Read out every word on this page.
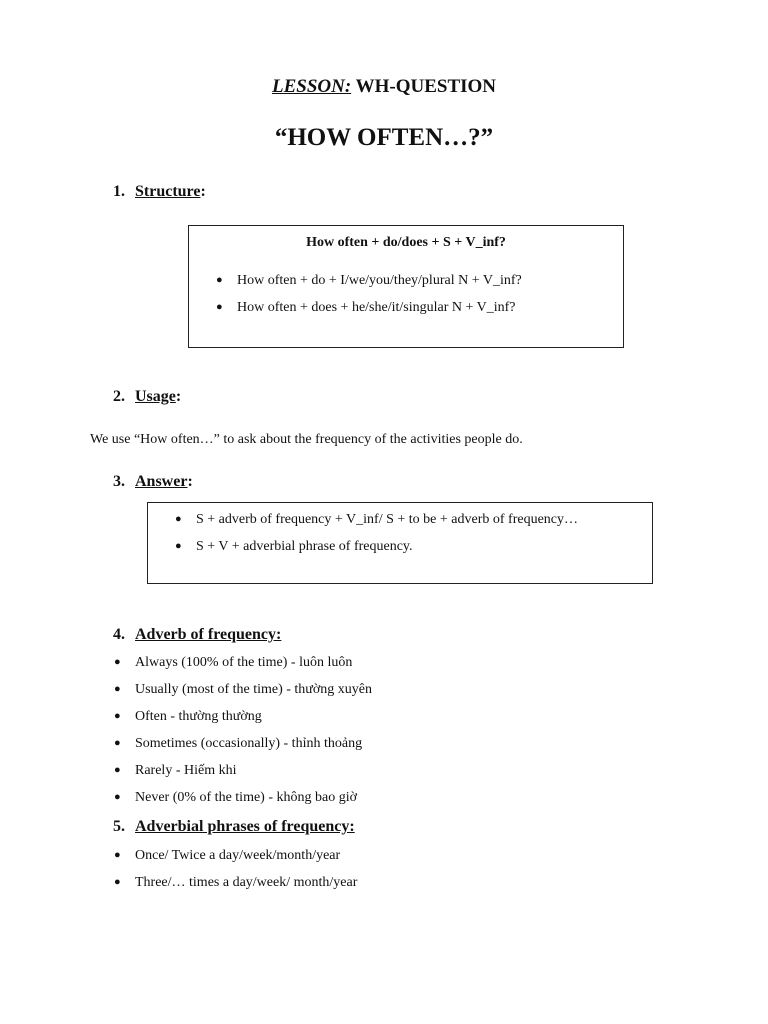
LESSON: WH-QUESTION
“HOW OFTEN…?”
1. Structure:
How often + do/does + S + V_inf?
● How often + do + I/we/you/they/plural N + V_inf?
● How often + does + he/she/it/singular N + V_inf?
2. Usage:
We use “How often…” to ask about the frequency of the activities people do.
3. Answer:
● S + adverb of frequency + V_inf/ S + to be + adverb of frequency…
● S + V + adverbial phrase of frequency.
4. Adverb of frequency:
● Always (100% of the time) - luôn luôn
● Usually (most of the time) - thường xuyên
● Often - thường thường
● Sometimes (occasionally) - thỉnh thoảng
● Rarely - Hiếm khi
● Never (0% of the time) - không bao giờ
5. Adverbial phrases of frequency:
● Once/ Twice a day/week/month/year
● Three/… times a day/week/ month/year
